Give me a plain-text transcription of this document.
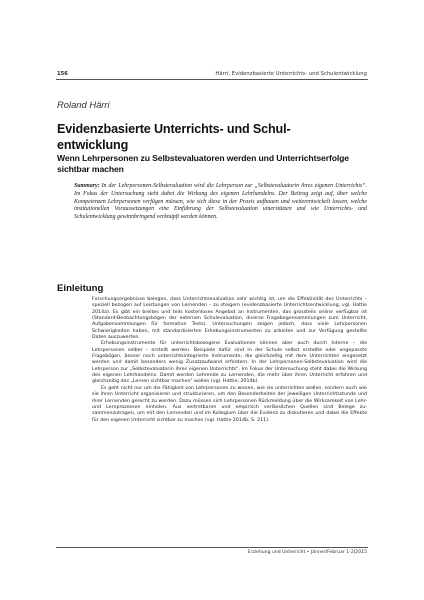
156	Härri, Evidenzbasierte Unterrichts- und Schulentwicklung
Roland Härri
Evidenzbasierte Unterrichts- und Schulentwicklung
Wenn Lehrpersonen zu Selbstevaluatoren werden und Unterrichtserfolge sichtbar machen
Summary: In der Lehrpersonen-Selbstevaluation wird die Lehrperson zur „Selbstevaluatorin ihres eigenen Unterrichts“. Im Fokus der Untersuchung steht dabei die Wirkung des eigenen Lehrhandelns. Der Beitrag zeigt auf, über welche Kompetenzen Lehrpersonen verfügen müssen, wie sich diese in der Praxis aufbauen und weiterentwickelt lassen, welche institutionellen Voraussetzungen eine Einführung der Selbstevaluation unterstützen und wie Unterrichts- und Schulentwicklung gewinnbringend verknüpft werden können.
Einleitung

Forschungsergebnisse belegen, dass Unterrichtsevaluation sehr wichtig ist, um die Effektivität des Unterrichts – speziell bezogen auf Leistungen von Lernenden – zu steigern (evidenzbasierte Unterrichtsentwicklung, vgl. Hattie 2014a). Es gibt ein breites und teils kostenloses Angebot an Instrumenten, das grossteils online verfügbar ist (Standard-Beobachtungsbögen der externen Schulevaluation, diverse Fragebogensammlungen zum Unterricht, Aufgabensammlungen für formative Tests). Untersuchungen zeigen jedoch, dass viele Lehrpersonen Schwierigkeiten haben, mit standardisierten Erhebungsinstrumenten zu arbeiten und zur Verfügung gestellte Daten auszuwerten.

Erhebungsinstrumente für unterrichtsbezogene Evaluationen können aber auch durch Interne – die Lehrpersonen selber – erstellt werden. Beispiele dafür sind in der Schule selbst erstellte oder angepasste Fragebögen, besser noch unterrichtsintegrierte Instrumente, die gleichzeitig mit dem Unterrichten eingesetzt werden und damit besonders wenig Zusatzaufwand erfordern. In der Lehrpersonen-Selbstevaluation wird die Lehrperson zur „Selbstevaluatorin ihres eigenen Unterrichts“. Im Fokus der Untersuchung steht dabei die Wirkung des eigenen Lehrhandelns. Damit werden Lehrende zu Lernenden, die mehr über ihren Unterricht erfahren und gleichzeitig das „Lernen sichtbar machen“ wollen (vgl. Hattie, 2014b).

Es geht nicht nur um die Fähigkeit von Lehrpersonen zu wissen, wie sie unterrichten wollen, sondern auch wie sie ihren Unterricht organisieren und strukturieren, um den Besonderheiten der jeweiligen Unterrichtsstunde und ihrer Lernenden gerecht zu werden. Dazu müssen sich Lehrpersonen Rückmeldung über die Wirksamkeit von Lehr- und Lernprozessen einholen. Aus vertretbaren und empirisch verlässlichen Quellen sind Belege zusammenzutragen, um mit den Lernenden und im Kollegium über die Evidenz zu diskutieren und dabei die Effekte für den eigenen Unterricht sichtbar zu machen (vgl. Hattie 2014b, S. 211).

Erziehung und Unterricht • Jänner/Februar 1-2|2015
